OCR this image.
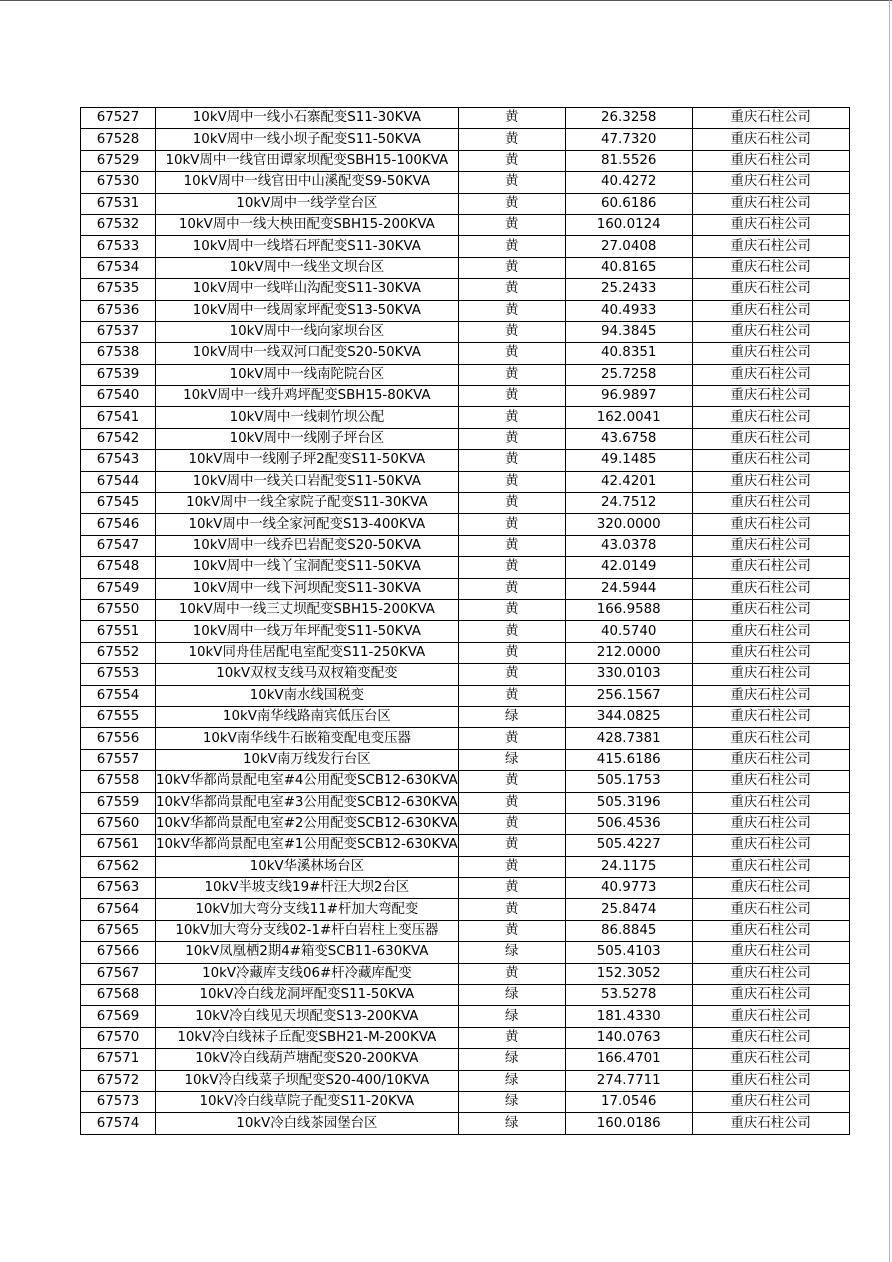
67527	10kV周中一线小石寨配变S11-30KVA	黄	26.3258	重庆石柱公司
67528	10kV周中一线小坝子配变S11-50KVA	黄	47.7320	重庆石柱公司
67529	10kV周中一线官田谭家坝配变SBH15-100KVA	黄	81.5526	重庆石柱公司
67530	10kV周中一线官田中山溪配变S9-50KVA	黄	40.4272	重庆石柱公司
67531	10kV周中一线学堂台区	黄	60.6186	重庆石柱公司
67532	10kV周中一线大柍田配变SBH15-200KVA	黄	160.0124	重庆石柱公司
67533	10kV周中一线塔石坪配变S11-30KVA	黄	27.0408	重庆石柱公司
67534	10kV周中一线坐文坝台区	黄	40.8165	重庆石柱公司
67535	10kV周中一线咩山沟配变S11-30KVA	黄	25.2433	重庆石柱公司
67536	10kV周中一线周家坪配变S13-50KVA	黄	40.4933	重庆石柱公司
67537	10kV周中一线向家坝台区	黄	94.3845	重庆石柱公司
67538	10kV周中一线双河口配变S20-50KVA	黄	40.8351	重庆石柱公司
67539	10kV周中一线南陀院台区	黄	25.7258	重庆石柱公司
67540	10kV周中一线升鸡坪配变SBH15-80KVA	黄	96.9897	重庆石柱公司
67541	10kV周中一线刺竹坝公配	黄	162.0041	重庆石柱公司
67542	10kV周中一线刚子坪台区	黄	43.6758	重庆石柱公司
67543	10kV周中一线刚子坪2配变S11-50KVA	黄	49.1485	重庆石柱公司
67544	10kV周中一线关口岩配变S11-50KVA	黄	42.4201	重庆石柱公司
67545	10kV周中一线全家院子配变S11-30KVA	黄	24.7512	重庆石柱公司
67546	10kV周中一线全家河配变S13-400KVA	黄	320.0000	重庆石柱公司
67547	10kV周中一线乔巴岩配变S20-50KVA	黄	43.0378	重庆石柱公司
67548	10kV周中一线丫宝洞配变S11-50KVA	黄	42.0149	重庆石柱公司
67549	10kV周中一线下河坝配变S11-30KVA	黄	24.5944	重庆石柱公司
67550	10kV周中一线三丈坝配变SBH15-200KVA	黄	166.9588	重庆石柱公司
67551	10kV周中一线万年坪配变S11-50KVA	黄	40.5740	重庆石柱公司
67552	10kV同舟佳居配电室配变S11-250KVA	黄	212.0000	重庆石柱公司
67553	10kV双杈支线马双杈箱变配变	黄	330.0103	重庆石柱公司
67554	10kV南水线国税变	黄	256.1567	重庆石柱公司
67555	10kV南华线路南宾低压台区	绿	344.0825	重庆石柱公司
67556	10kV南华线牛石嵌箱变配电变压器	黄	428.7381	重庆石柱公司
67557	10kV南万线发行台区	绿	415.6186	重庆石柱公司
67558	10kV华都尚景配电室#4公用配变SCB12-630KVA	黄	505.1753	重庆石柱公司
67559	10kV华都尚景配电室#3公用配变SCB12-630KVA	黄	505.3196	重庆石柱公司
67560	10kV华都尚景配电室#2公用配变SCB12-630KVA	黄	506.4536	重庆石柱公司
67561	10kV华都尚景配电室#1公用配变SCB12-630KVA	黄	505.4227	重庆石柱公司
67562	10kV华溪林场台区	黄	24.1175	重庆石柱公司
67563	10kV半坡支线19#杆汪大坝2台区	黄	40.9773	重庆石柱公司
67564	10kV加大弯分支线11#杆加大弯配变	黄	25.8474	重庆石柱公司
67565	10kV加大弯分支线02-1#杆白岩柱上变压器	黄	86.8845	重庆石柱公司
67566	10kV凤凰栖2期4#箱变SCB11-630KVA	绿	505.4103	重庆石柱公司
67567	10kV冷藏库支线06#杆冷藏库配变	黄	152.3052	重庆石柱公司
67568	10kV冷白线龙洞坪配变S11-50KVA	绿	53.5278	重庆石柱公司
67569	10kV冷白线见天坝配变S13-200KVA	绿	181.4330	重庆石柱公司
67570	10kV冷白线袜子丘配变SBH21-M-200KVA	黄	140.0763	重庆石柱公司
67571	10kV冷白线葫芦塘配变S20-200KVA	绿	166.4701	重庆石柱公司
67572	10kV冷白线菜子坝配变S20-400/10KVA	绿	274.7711	重庆石柱公司
67573	10kV冷白线草院子配变S11-20KVA	绿	17.0546	重庆石柱公司
67574	10kV冷白线茶园堡台区	绿	160.0186	重庆石柱公司
